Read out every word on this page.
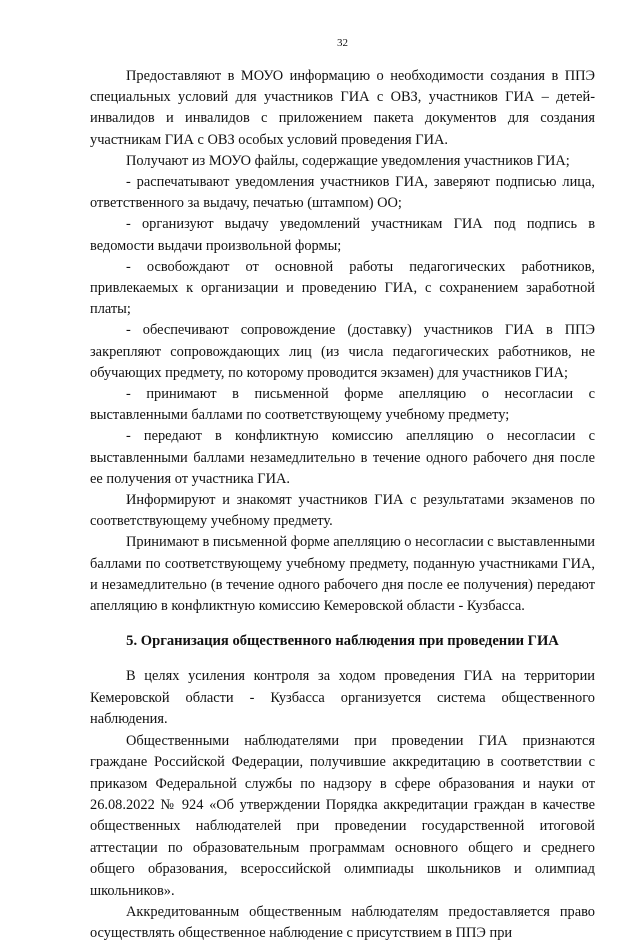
32

Предоставляют в МОУО информацию о необходимости создания в ППЭ специальных условий для участников ГИА с ОВЗ, участников ГИА – детей-инвалидов и инвалидов с приложением пакета документов для создания участникам ГИА с ОВЗ особых условий проведения ГИА.

Получают из МОУО файлы, содержащие уведомления участников ГИА;

- распечатывают уведомления участников ГИА, заверяют подписью лица, ответственного за выдачу, печатью (штампом) ОО;

- организуют выдачу уведомлений участникам ГИА под подпись в ведомости выдачи произвольной формы;

- освобождают от основной работы педагогических работников, привлекаемых к организации и проведению ГИА, с сохранением заработной платы;

- обеспечивают сопровождение (доставку) участников ГИА в ППЭ закрепляют сопровождающих лиц (из числа педагогических работников, не обучающих предмету, по которому проводится экзамен) для участников ГИА;

- принимают в письменной форме апелляцию о несогласии с выставленными баллами по соответствующему учебному предмету;

- передают в конфликтную комиссию апелляцию о несогласии с выставленными баллами незамедлительно в течение одного рабочего дня после ее получения от участника ГИА.

Информируют и знакомят участников ГИА с результатами экзаменов по соответствующему учебному предмету.

Принимают в письменной форме апелляцию о несогласии с выставленными баллами по соответствующему учебному предмету, поданную участниками ГИА, и незамедлительно (в течение одного рабочего дня после ее получения) передают апелляцию в конфликтную комиссию Кемеровской области - Кузбасса.

5. Организация общественного наблюдения при проведении ГИА

В целях усиления контроля за ходом проведения ГИА на территории Кемеровской области - Кузбасса организуется система общественного наблюдения.

Общественными наблюдателями при проведении ГИА признаются граждане Российской Федерации, получившие аккредитацию в соответствии с приказом Федеральной службы по надзору в сфере образования и науки от 26.08.2022 № 924 «Об утверждении Порядка аккредитации граждан в качестве общественных наблюдателей при проведении государственной итоговой аттестации по образовательным программам основного общего и среднего общего образования, всероссийской олимпиады школьников и олимпиад школьников».

Аккредитованным общественным наблюдателям предоставляется право осуществлять общественное наблюдение с присутствием в ППЭ при
